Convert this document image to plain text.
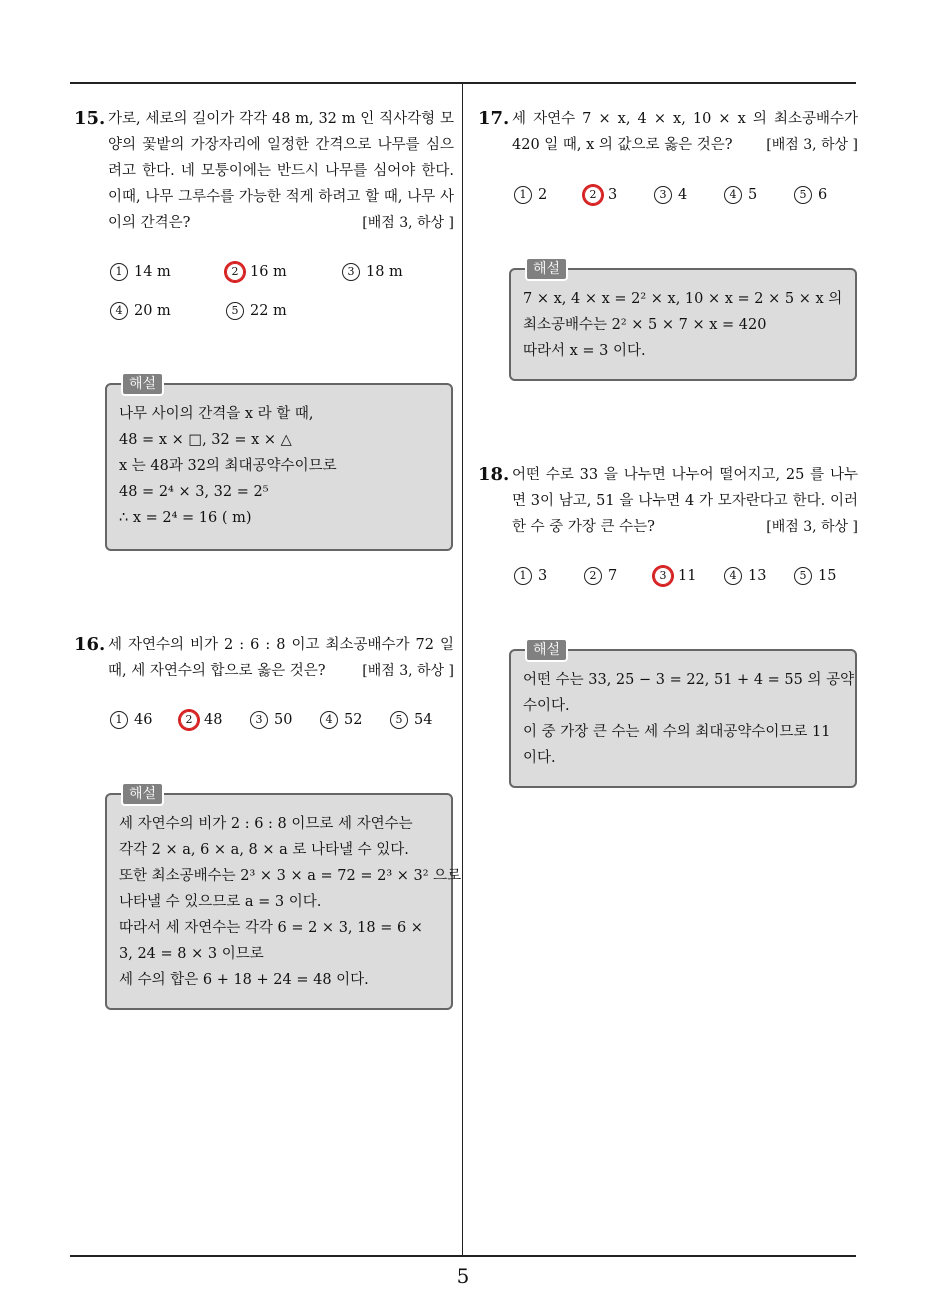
5
15. 가로, 세로의 길이가 각각 48 m, 32 m 인 직사각형 모양의 꽃밭의 가장자리에 일정한 간격으로 나무를 심으려고 한다. 네 모퉁이에는 반드시 나무를 심어야 한다. 이때, 나무 그루수를 가능한 적게 하려고 할 때, 나무 사이의 간격은?	[배점 3, 하상 ]
1 14 m	2 16 m	3 18 m
4 20 m	5 22 m
해설
나무 사이의 간격을 x 라 할 때,
48 = x × □, 32 = x × △
x 는 48과 32의 최대공약수이므로
48 = 2⁴ × 3, 32 = 2⁵
∴ x = 2⁴ = 16 ( m)
16. 세 자연수의 비가 2 : 6 : 8 이고 최소공배수가 72 일 때, 세 자연수의 합으로 옳은 것은?	[배점 3, 하상 ]
1 46	2 48	3 50	4 52	5 54
해설
세 자연수의 비가 2 : 6 : 8 이므로 세 자연수는
각각 2 × a, 6 × a, 8 × a 로 나타낼 수 있다.
또한 최소공배수는 2³ × 3 × a = 72 = 2³ × 3² 으로
나타낼 수 있으므로 a = 3 이다.
따라서 세 자연수는 각각 6 = 2 × 3, 18 = 6 ×
3, 24 = 8 × 3 이므로
세 수의 합은 6 + 18 + 24 = 48 이다.
17. 세 자연수 7 × x, 4 × x, 10 × x 의 최소공배수가 420 일 때, x 의 값으로 옳은 것은? [배점 3, 하상 ]
1 2	2 3	3 4	4 5	5 6
해설
7 × x, 4 × x = 2² × x, 10 × x = 2 × 5 × x 의
최소공배수는 2² × 5 × 7 × x = 420
따라서 x = 3 이다.
18. 어떤 수로 33 을 나누면 나누어 떨어지고, 25 를 나누면 3이 남고, 51 을 나누면 4 가 모자란다고 한다. 이러한 수 중 가장 큰 수는?	[배점 3, 하상 ]
1 3	2 7	3 11	4 13	5 15
해설
어떤 수는 33, 25 − 3 = 22, 51 + 4 = 55 의 공약
수이다.
이 중 가장 큰 수는 세 수의 최대공약수이므로 11
이다.
